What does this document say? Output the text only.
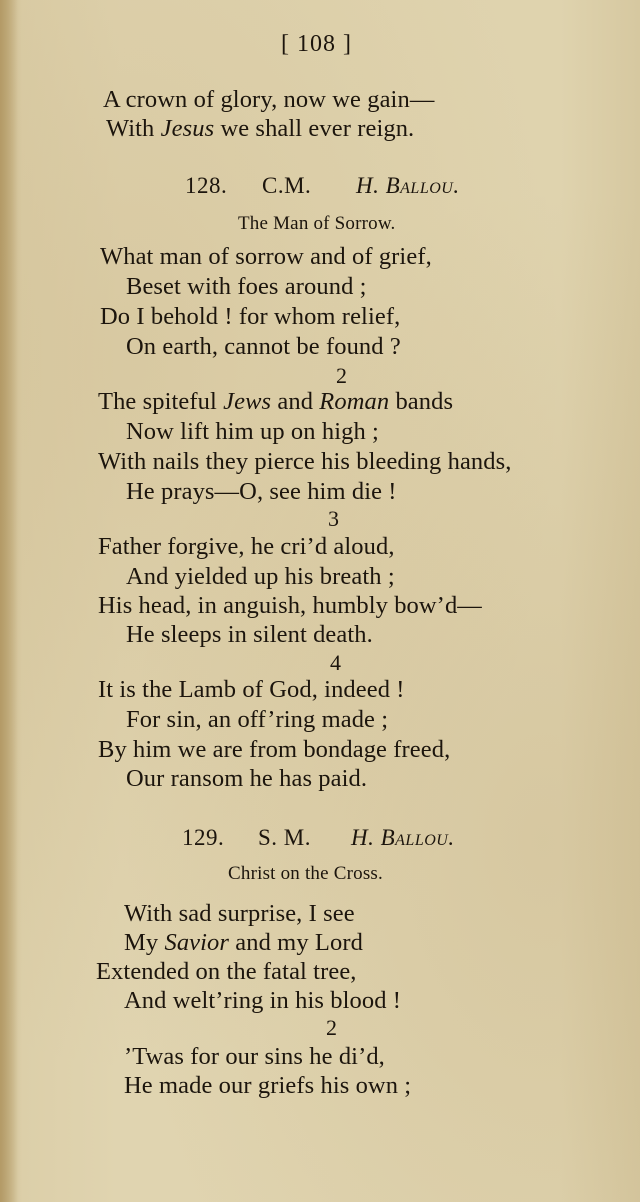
[ 108 ]
A crown of glory, now we gain—
With Jesus we shall ever reign.
128. C.M. H. Ballou.
The Man of Sorrow.
What man of sorrow and of grief,
Beset with foes around ;
Do I behold ! for whom relief,
On earth, cannot be found ?
2
The spiteful Jews and Roman bands
Now lift him up on high ;
With nails they pierce his bleeding hands,
He prays—O, see him die !
3
Father forgive, he cri’d aloud,
And yielded up his breath ;
His head, in anguish, humbly bow’d—
He sleeps in silent death.
4
It is the Lamb of God, indeed !
For sin, an off’ring made ;
By him we are from bondage freed,
Our ransom he has paid.
129. S. M. H. Ballou.
Christ on the Cross.
With sad surprise, I see
My Savior and my Lord
Extended on the fatal tree,
And welt’ring in his blood !
2
’Twas for our sins he di’d,
He made our griefs his own ;
